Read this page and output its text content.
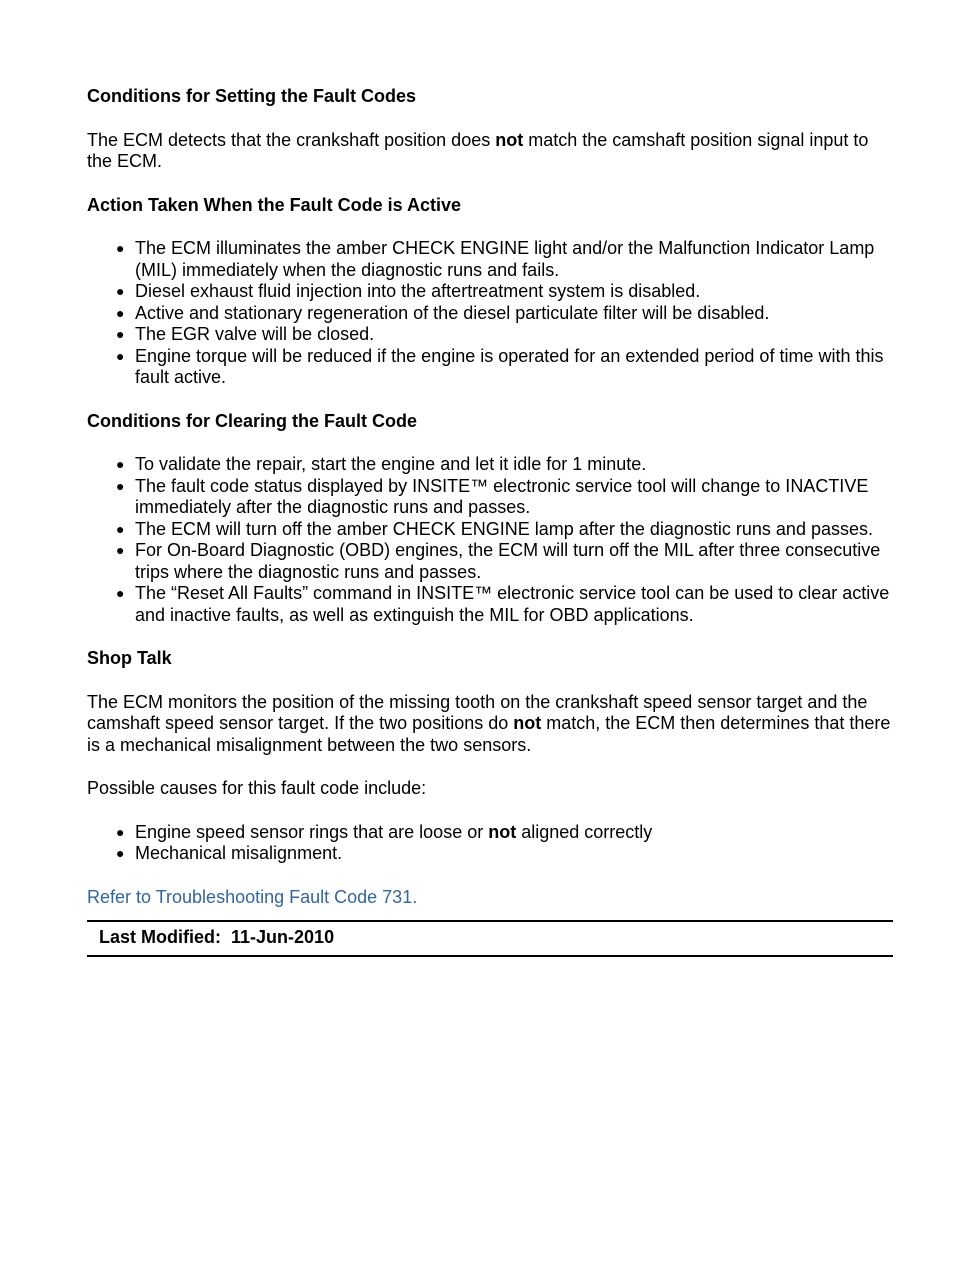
Conditions for Setting the Fault Codes

The ECM detects that the crankshaft position does not match the camshaft position signal input to the ECM.

Action Taken When the Fault Code is Active
● The ECM illuminates the amber CHECK ENGINE light and/or the Malfunction Indicator Lamp (MIL) immediately when the diagnostic runs and fails.
● Diesel exhaust fluid injection into the aftertreatment system is disabled.
● Active and stationary regeneration of the diesel particulate filter will be disabled.
● The EGR valve will be closed.
● Engine torque will be reduced if the engine is operated for an extended period of time with this fault active.
Conditions for Clearing the Fault Code
● To validate the repair, start the engine and let it idle for 1 minute.
● The fault code status displayed by INSITE™ electronic service tool will change to INACTIVE immediately after the diagnostic runs and passes.
● The ECM will turn off the amber CHECK ENGINE lamp after the diagnostic runs and passes.
● For On-Board Diagnostic (OBD) engines, the ECM will turn off the MIL after three consecutive trips where the diagnostic runs and passes.
● The “Reset All Faults” command in INSITE™ electronic service tool can be used to clear active and inactive faults, as well as extinguish the MIL for OBD applications.
Shop Talk

The ECM monitors the position of the missing tooth on the crankshaft speed sensor target and the camshaft speed sensor target. If the two positions do not match, the ECM then determines that there is a mechanical misalignment between the two sensors.

Possible causes for this fault code include:

● Engine speed sensor rings that are loose or not aligned correctly
● Mechanical misalignment.

Refer to Troubleshooting Fault Code 731.

Last Modified: 11-Jun-2010
